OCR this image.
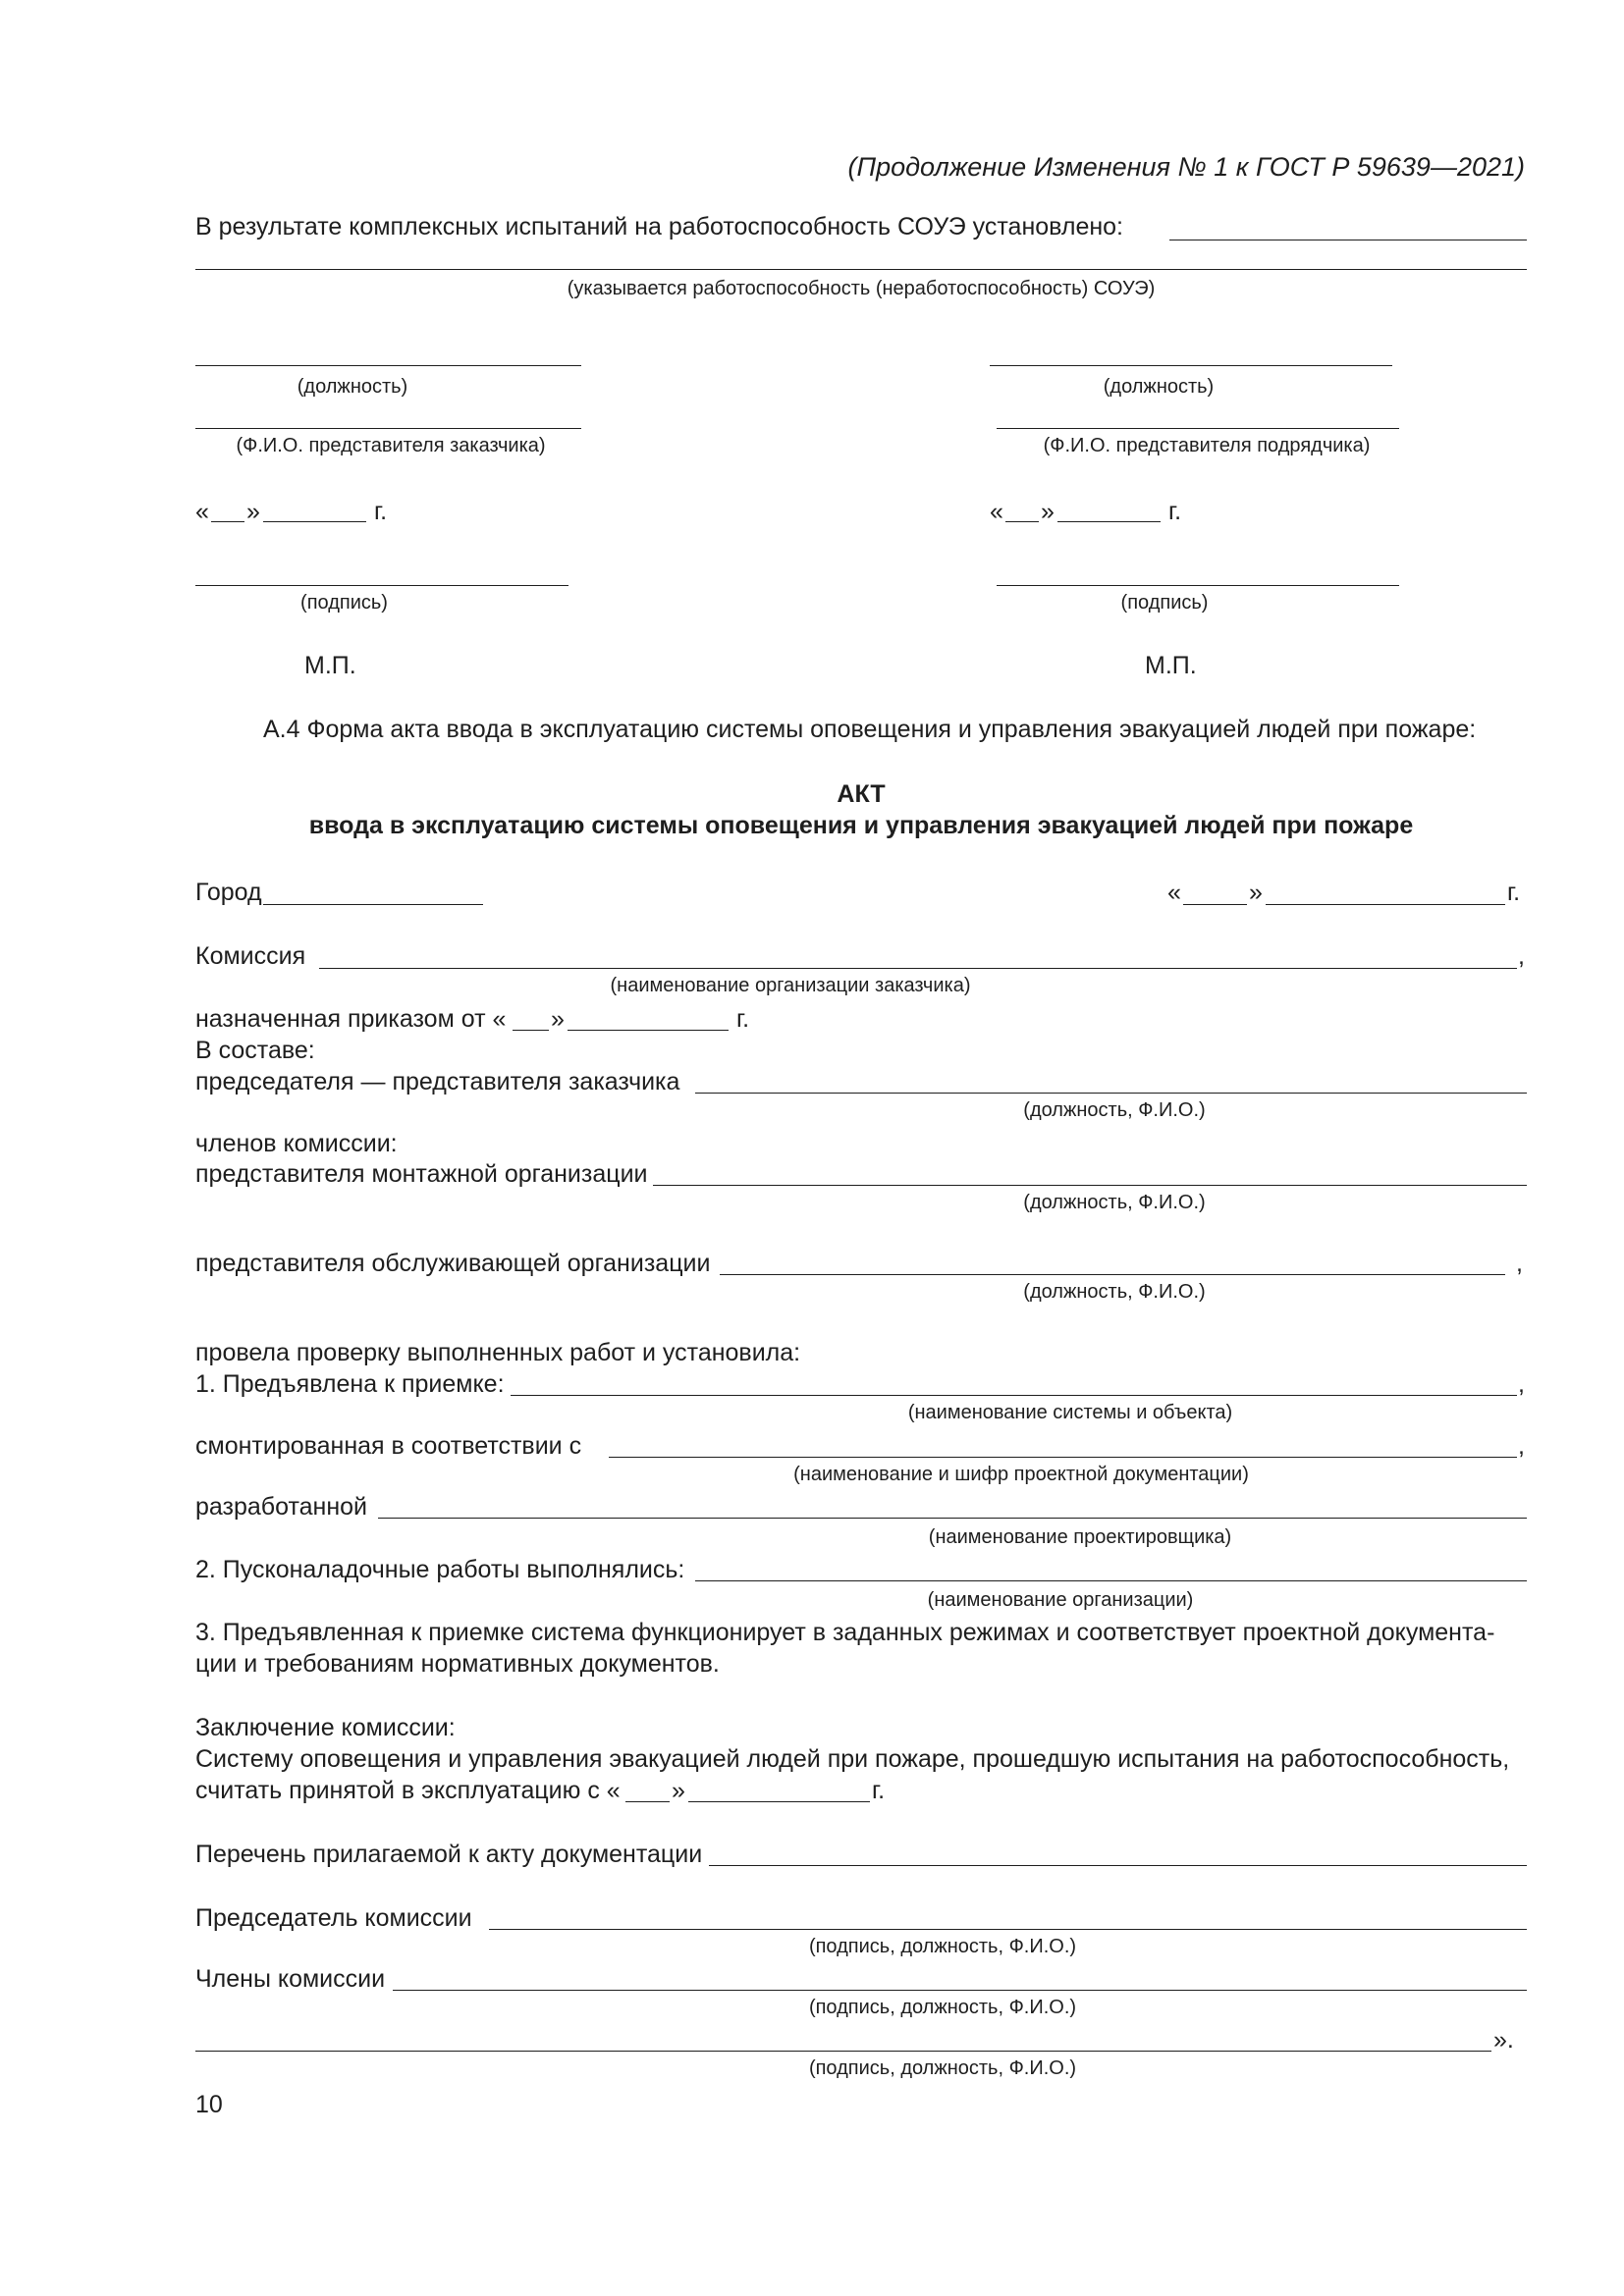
(Продолжение Изменения № 1 к ГОСТ Р 59639—2021)
В результате комплексных испытаний на работоспособность СОУЭ установлено:
(указывается работоспособность (неработоспособность) СОУЭ)
(должность)
(Ф.И.О. представителя заказчика)
« »	г.
(подпись)
М.П.
(должность)
(Ф.И.О. представителя подрядчика)
« »	г.
(подпись)
М.П.
А.4 Форма акта ввода в эксплуатацию системы оповещения и управления эвакуацией людей при пожаре:
АКТ
ввода в эксплуатацию системы оповещения и управления эвакуацией людей при пожаре
Город	«	»	г.
Комиссия	,
(наименование организации заказчика)
назначенная приказом от « »	г.
В составе:
председателя — представителя заказчика
(должность, Ф.И.О.)
членов комиссии:
представителя монтажной организации
(должность, Ф.И.О.)
представителя обслуживающей организации	,
(должность, Ф.И.О.)
провела проверку выполненных работ и установила:
1. Предъявлена к приемке:	,
(наименование системы и объекта)
смонтированная в соответствии с	,
(наименование и шифр проектной документации)
разработанной
(наименование проектировщика)
2. Пусконаладочные работы выполнялись:
(наименование организации)
3. Предъявленная к приемке система функционирует в заданных режимах и соответствует проектной документа-
ции и требованиям нормативных документов.
Заключение комиссии:
Систему оповещения и управления эвакуацией людей при пожаре, прошедшую испытания на работоспособность,
считать принятой в эксплуатацию с « »	г.
Перечень прилагаемой к акту документации
Председатель комиссии
(подпись, должность, Ф.И.О.)
Члены комиссии
(подпись, должность, Ф.И.О.)
».
(подпись, должность, Ф.И.О.)
10
